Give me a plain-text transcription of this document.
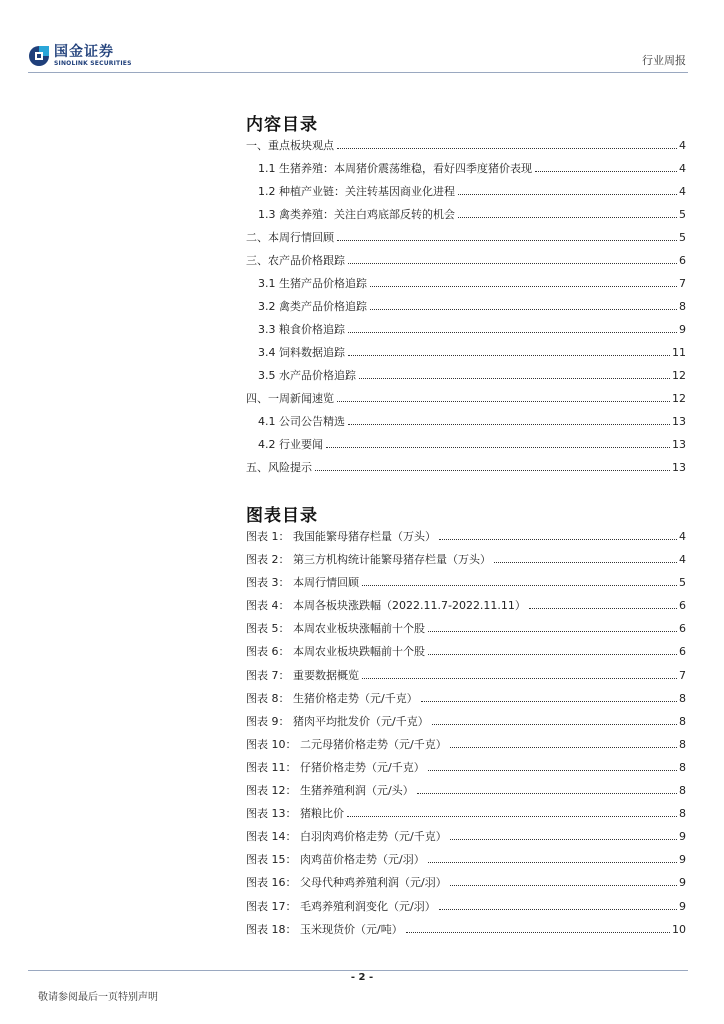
国金证券
SINOLINK SECURITIES	行业周报
内容目录
一、重点板块观点	4
1.1 生猪养殖：本周猪价震荡维稳，看好四季度猪价表现	4
1.2 种植产业链：关注转基因商业化进程	4
1.3 禽类养殖：关注白鸡底部反转的机会	5
二、本周行情回顾	5
三、农产品价格跟踪	6
3.1 生猪产品价格追踪	7
3.2 禽类产品价格追踪	8
3.3 粮食价格追踪	9
3.4 饲料数据追踪	11
3.5 水产品价格追踪	12
四、一周新闻速览	12
4.1 公司公告精选	13
4.2 行业要闻	13
五、风险提示	13
图表目录
图表 1： 我国能繁母猪存栏量（万头）	4
图表 2： 第三方机构统计能繁母猪存栏量（万头）	4
图表 3： 本周行情回顾	5
图表 4： 本周各板块涨跌幅（2022.11.7-2022.11.11）	6
图表 5： 本周农业板块涨幅前十个股	6
图表 6： 本周农业板块跌幅前十个股	6
图表 7： 重要数据概览	7
图表 8： 生猪价格走势（元/千克）	8
图表 9： 猪肉平均批发价（元/千克）	8
图表 10： 二元母猪价格走势（元/千克）	8
图表 11： 仔猪价格走势（元/千克）	8
图表 12： 生猪养殖利润（元/头）	8
图表 13： 猪粮比价	8
图表 14： 白羽肉鸡价格走势（元/千克）	9
图表 15： 肉鸡苗价格走势（元/羽）	9
图表 16： 父母代种鸡养殖利润（元/羽）	9
图表 17： 毛鸡养殖利润变化（元/羽）	9
图表 18： 玉米现货价（元/吨）	10
- 2 -
敬请参阅最后一页特别声明
